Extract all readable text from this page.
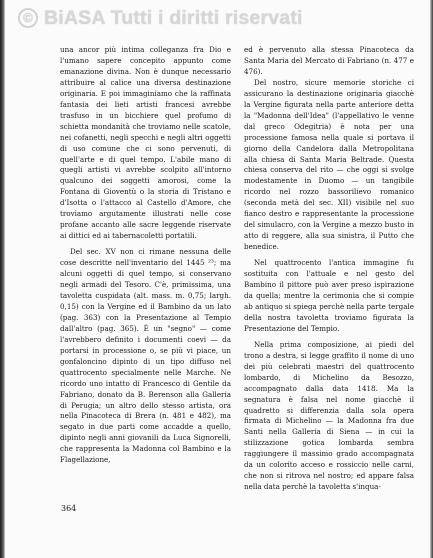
© BiASA Tutti i diritti riservati

una ancor più intima colleganza fra Dio e l'umano sapere concepito appunto come emanazione divina. Non è dunque necessario attribuire al calice una diversa destinazione originaria. E poi immaginiamo che la raffinata fantasia dei lieti artisti francesi avrebbe trasfuso in un bicchiere quel profumo di schietta mondanità che troviamo nelle scatole, nei cofanetti, negli specchi e negli altri oggetti di uso comune che ci sono pervenuti, di quell'arte e di quel tempo. L'abile mano di quegli artisti vi avrebbe scolpito all'intorno qualcuno dei soggetti amorosi, come la Fontana di Gioventù o la storia di Tristano e d'Isotta o l'attacco al Castello d'Amore, che troviamo argutamente illustrati nelle cose profane accanto alle sacre leggende riservate ai dittici ed ai tabernacoletti portatili.

Del sec. XV non ci rimane nessuna delle cose descritte nell'inventario del 1445 ²³; ma alcuni oggetti di quel tempo, si conservano negli armadi del Tesoro. C'è, primissima, una tavoletta cuspidata (alt. mass. m. 0,75; largh. 0,15) con la Vergine ed il Bambino da un lato (pag. 363) con la Presentazione al Tempio dall'altro (pag. 365). È un "segno" — come l'avrebbero definito i documenti coevi — da portarsi in processione o, se più vi piace, un gonfaloncino dipinto di un tipo diffuso nel quattrocento specialmente nelle Marche. Ne ricordo uno intatto di Francesco di Gentile da Fabriano, donato da B. Berenson alla Galleria di Perugia; un altro dello stesso artista, ora nella Pinacoteca di Brera (n. 481 e 482), ma segato in due parti come accadde a quello, dipinto negli anni giovanili da Luca Signorelli, che rappresenta la Madonna col Bambino e la Flagellazione,

ed è pervenuto alla stessa Pinacoteca da Santa Maria del Mercato di Fabriano (n. 477 e 476).

Del nostro, sicure memorie storiche ci assicurano la destinazione originaria giacchè la Vergine figurata nella parte anteriore detta la "Madonna dell'Idea" (l'appellativo le venne dal greco Odegitria) è nota per una processione famosa nella quale si portava il giorno della Candelora dalla Metropolitana alla chiesa di Santa Maria Beltrade. Questa chiesa conserva del rito — che oggi si svolge modestamente in Duomo — un tangibile ricordo nel rozzo bassorilievo romanico (seconda metà del sec. XII) visibile nel suo fianco destro e rappresentante la processione del simulacro, con la Vergine a mezzo busto in atto di reggere, alla sua sinistra, il Putto che benedice.

Nel quattrocento l'antica immagine fu sostituita con l'attuale e nel gesto del Bambino il pittore può aver preso ispirazione da quella; mentre la cerimonia che si compie ab antiquo si spiega perchè nella parte tergale della nostra tavoletta troviamo figurata la Presentazione del Tempio.

Nella prima composizione, ai piedi del trono a destra, si legge graffito il nome di uno dei più celebrati maestri del quattrocento lombardo, di Michelino da Besozzo, accompagnato dalla data 1418. Ma la segnatura è falsa nel nome giacchè il quadretto si differenzia dalla sola opera firmata di Michelino — la Madonna fra due Santi nella Galleria di Siena — in cui la stilizzazione gotica lombarda sembra raggiungere il massimo grado accompagnata da un colorito acceso e rossiccio nelle carni, che non si ritrova nel nostro; ed appare falsa nella data perchè la tavoletta s'inqua-

364
